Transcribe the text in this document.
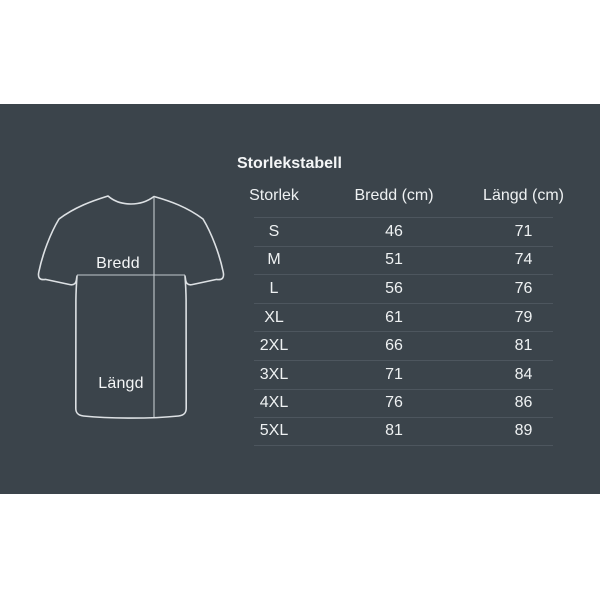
Bredd
Längd
Storlekstabell
Storlek	Bredd (cm)	Längd (cm)
S	46	71
M	51	74
L	56	76
XL	61	79
2XL	66	81
3XL	71	84
4XL	76	86
5XL	81	89
